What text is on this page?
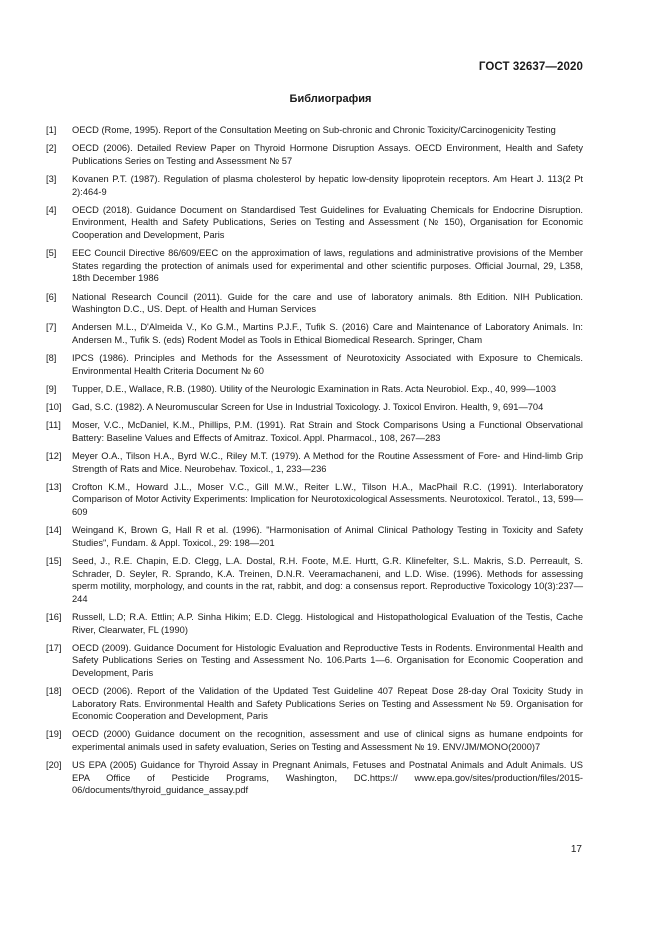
ГОСТ 32637—2020
Библиография
[1]	OECD (Rome, 1995). Report of the Consultation Meeting on Sub-chronic and Chronic Toxicity/Carcinogenicity Testing
[2]	OECD (2006). Detailed Review Paper on Thyroid Hormone Disruption Assays. OECD Environment, Health and Safety Publications Series on Testing and Assessment № 57
[3]	Kovanen P.T. (1987). Regulation of plasma cholesterol by hepatic low-density lipoprotein receptors. Am Heart J. 113(2 Pt 2):464-9
[4]	OECD (2018). Guidance Document on Standardised Test Guidelines for Evaluating Chemicals for Endocrine Disruption. Environment, Health and Safety Publications, Series on Testing and Assessment (№ 150), Organisation for Economic Cooperation and Development, Paris
[5]	EEC Council Directive 86/609/EEC on the approximation of laws, regulations and administrative provisions of the Member States regarding the protection of animals used for experimental and other scientific purposes. Official Journal, 29, L358, 18th December 1986
[6]	National Research Council (2011). Guide for the care and use of laboratory animals. 8th Edition. NIH Publication. Washington D.C., US. Dept. of Health and Human Services
[7]	Andersen M.L., D'Almeida V., Ko G.M., Martins P.J.F., Tufik S. (2016) Care and Maintenance of Laboratory Animals. In: Andersen M., Tufik S. (eds) Rodent Model as Tools in Ethical Biomedical Research. Springer, Cham
[8]	IPCS (1986). Principles and Methods for the Assessment of Neurotoxicity Associated with Exposure to Chemicals. Environmental Health Criteria Document № 60
[9]	Tupper, D.E., Wallace, R.B. (1980). Utility of the Neurologic Examination in Rats. Acta Neurobiol. Exp., 40, 999—1003
[10]	Gad, S.C. (1982). A Neuromuscular Screen for Use in Industrial Toxicology. J. Toxicol Environ. Health, 9, 691—704
[11]	Moser, V.C., McDaniel, K.M., Phillips, P.M. (1991). Rat Strain and Stock Comparisons Using a Functional Observational Battery: Baseline Values and Effects of Amitraz. Toxicol. Appl. Pharmacol., 108, 267—283
[12]	Meyer O.A., Tilson H.A., Byrd W.C., Riley M.T. (1979). A Method for the Routine Assessment of Fore- and Hind-limb Grip Strength of Rats and Mice. Neurobehav. Toxicol., 1, 233—236
[13]	Crofton K.M., Howard J.L., Moser V.C., Gill M.W., Reiter L.W., Tilson H.A., MacPhail R.C. (1991). Interlaboratory Comparison of Motor Activity Experiments: Implication for Neurotoxicological Assessments. Neurotoxicol. Teratol., 13, 599—609
[14]	Weingand K, Brown G, Hall R et al. (1996). "Harmonisation of Animal Clinical Pathology Testing in Toxicity and Safety Studies", Fundam. & Appl. Toxicol., 29: 198—201
[15]	Seed, J., R.E. Chapin, E.D. Clegg, L.A. Dostal, R.H. Foote, M.E. Hurtt, G.R. Klinefelter, S.L. Makris, S.D. Perreault, S. Schrader, D. Seyler, R. Sprando, K.A. Treinen, D.N.R. Veeramachaneni, and L.D. Wise. (1996). Methods for assessing sperm motility, morphology, and counts in the rat, rabbit, and dog: a consensus report. Reproductive Toxicology 10(3):237—244
[16]	Russell, L.D; R.A. Ettlin; A.P. Sinha Hikim; E.D. Clegg. Histological and Histopathological Evaluation of the Testis, Cache River, Clearwater, FL (1990)
[17]	OECD (2009). Guidance Document for Histologic Evaluation and Reproductive Tests in Rodents. Environmental Health and Safety Publications Series on Testing and Assessment No. 106.Parts 1—6. Organisation for Economic Cooperation and Development, Paris
[18]	OECD (2006). Report of the Validation of the Updated Test Guideline 407 Repeat Dose 28-day Oral Toxicity Study in Laboratory Rats. Environmental Health and Safety Publications Series on Testing and Assessment № 59. Organisation for Economic Cooperation and Development, Paris
[19]	OECD (2000) Guidance document on the recognition, assessment and use of clinical signs as humane endpoints for experimental animals used in safety evaluation, Series on Testing and Assessment № 19. ENV/JM/MONO(2000)7
[20]	US EPA (2005) Guidance for Thyroid Assay in Pregnant Animals, Fetuses and Postnatal Animals and Adult Animals. US EPA Office of Pesticide Programs, Washington, DC.https:// www.epa.gov/sites/production/files/2015-06/documents/thyroid_guidance_assay.pdf
17
